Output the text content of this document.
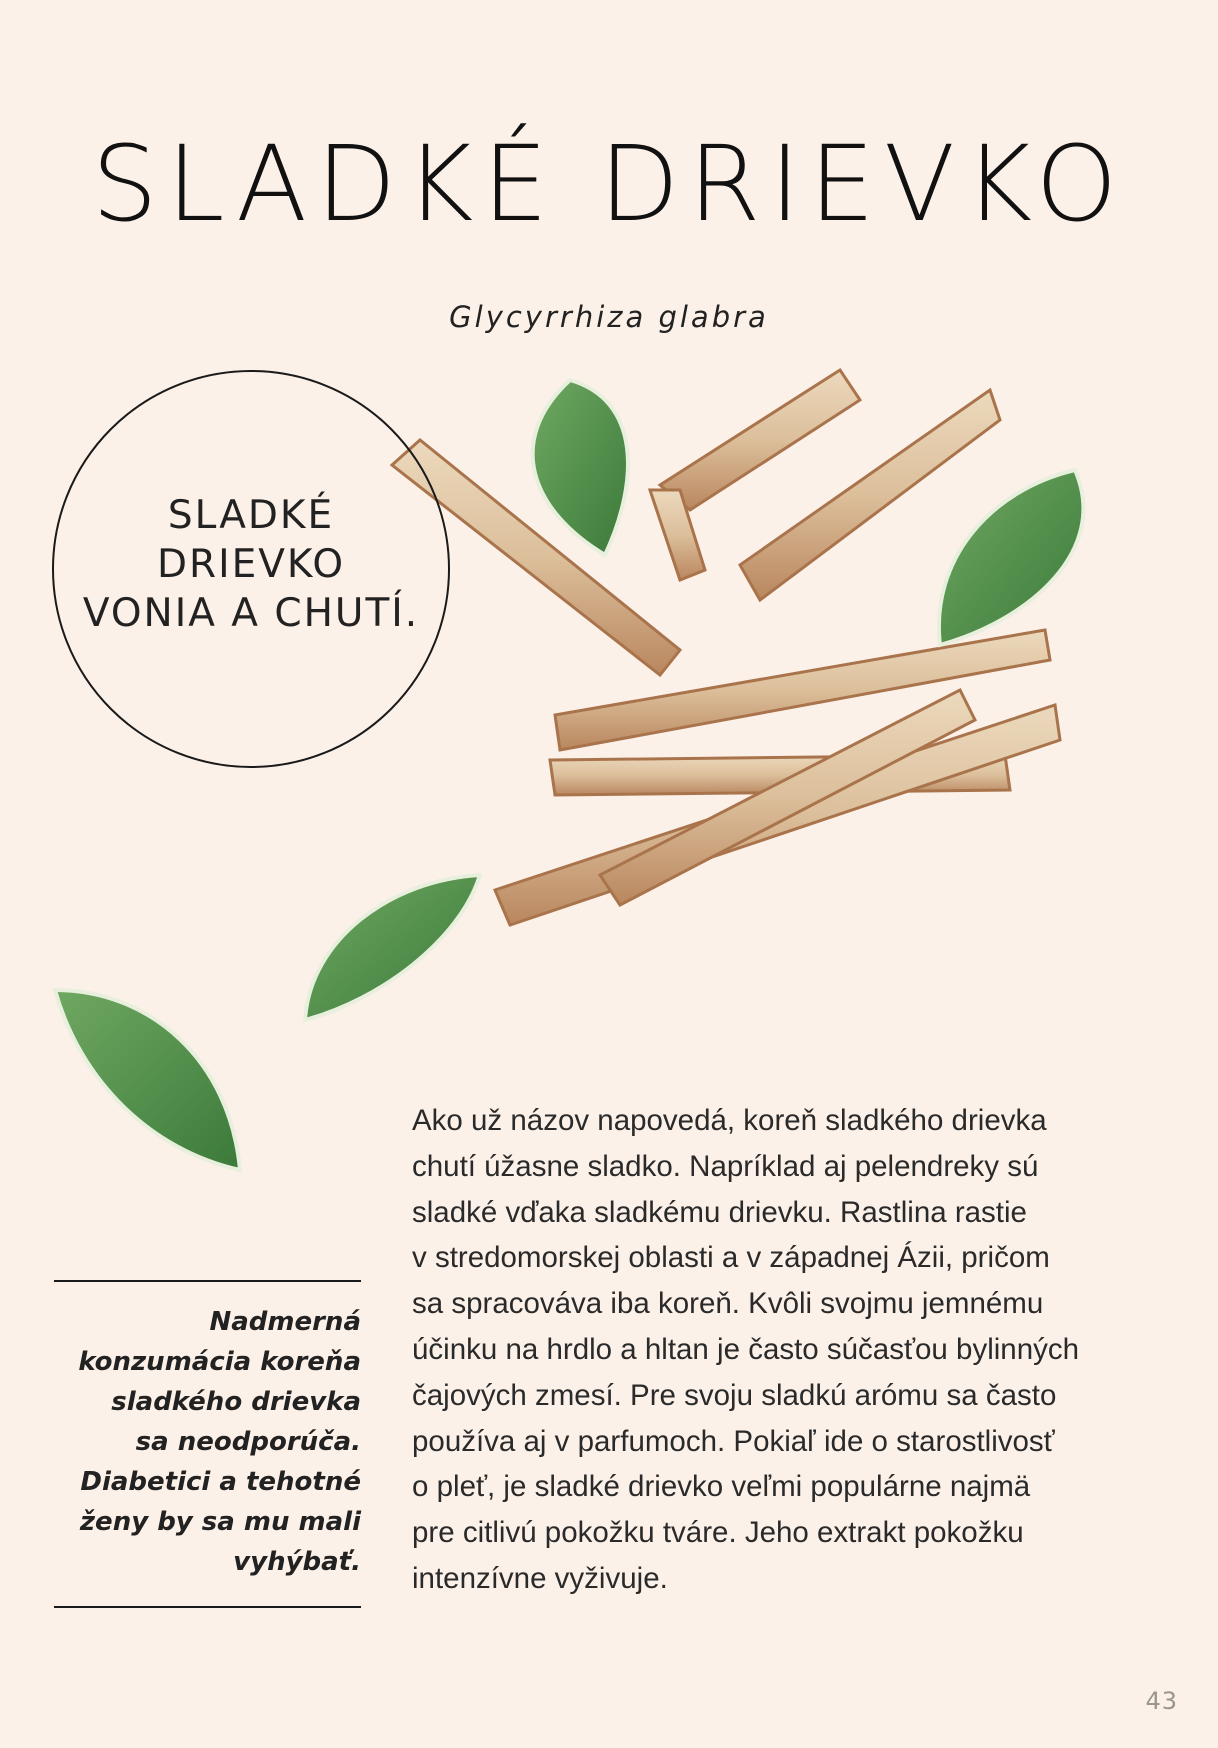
SLADKÉ DRIEVKO
Glycyrrhiza glabra
SLADKÉ
DRIEVKO
VONIA A CHUTÍ.
Nadmerná
konzumácia koreňa
sladkého drievka
sa neodporúča.
Diabetici a tehotné
ženy by sa mu mali
vyhýbať.
Ako už názov napovedá, koreň sladkého drievka
chutí úžasne sladko. Napríklad aj pelendreky sú
sladké vďaka sladkému drievku. Rastlina rastie
v stredomorskej oblasti a v západnej Ázii, pričom
sa spracováva iba koreň. Kvôli svojmu jemnému
účinku na hrdlo a hltan je často súčasťou bylinných
čajových zmesí. Pre svoju sladkú arómu sa často
používa aj v parfumoch. Pokiaľ ide o starostlivosť
o pleť, je sladké drievko veľmi populárne najmä
pre citlivú pokožku tváre. Jeho extrakt pokožku
intenzívne vyživuje.
43
